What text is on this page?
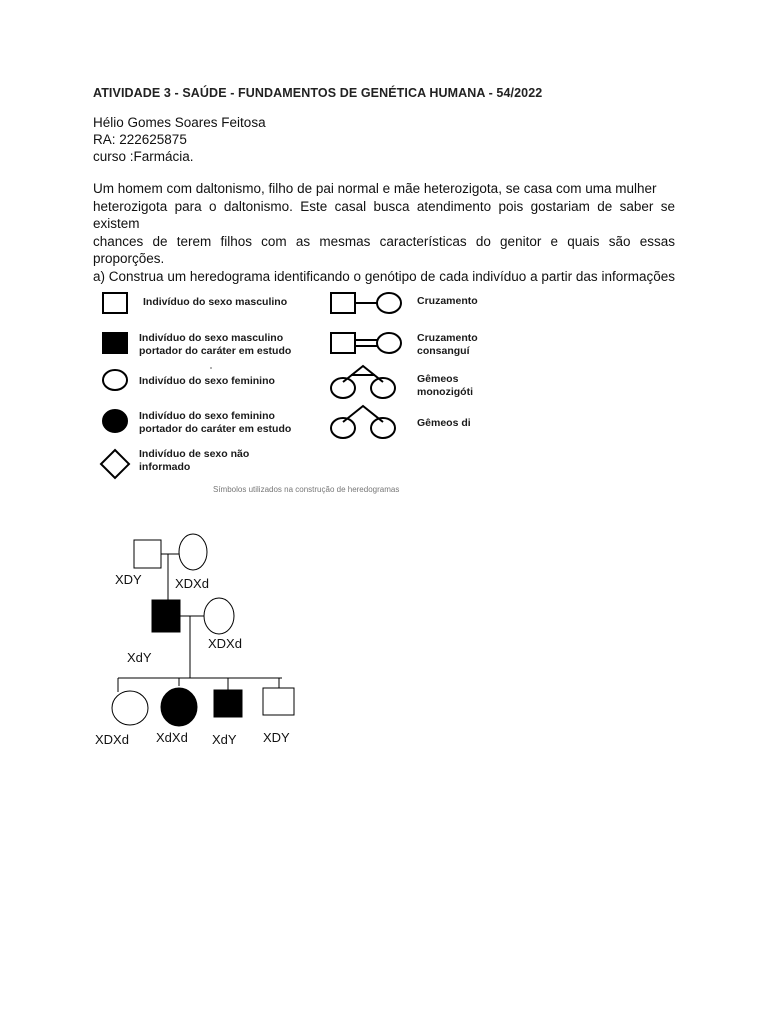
ATIVIDADE 3 - SAÚDE - FUNDAMENTOS DE GENÉTICA HUMANA - 54/2022
Hélio Gomes Soares Feitosa
RA: 222625875
curso :Farmácia.

Um homem com daltonismo, filho de pai normal e mãe heterozigota, se casa com uma mulher

heterozigota para o daltonismo. Este casal busca atendimento pois gostariam de saber se existem

chances de terem filhos com as mesmas características do genitor e quais são essas proporções.

a) Construa um heredograma identificando o genótipo de cada indivíduo a partir das informações

Indivíduo do sexo masculino
Indivíduo do sexo masculino
portador do caráter em estudo
Indivíduo do sexo feminino
Indivíduo do sexo feminino
portador do caráter em estudo
Indivíduo de sexo não
informado
Cruzamento
Cruzamento
consanguí
Gêmeos
monozigóti
Gêmeos di
Símbolos utilizados na construção de heredogramas
XDY	XDXd
XdY
XDXd
XDXd XdXd XdY XDY
